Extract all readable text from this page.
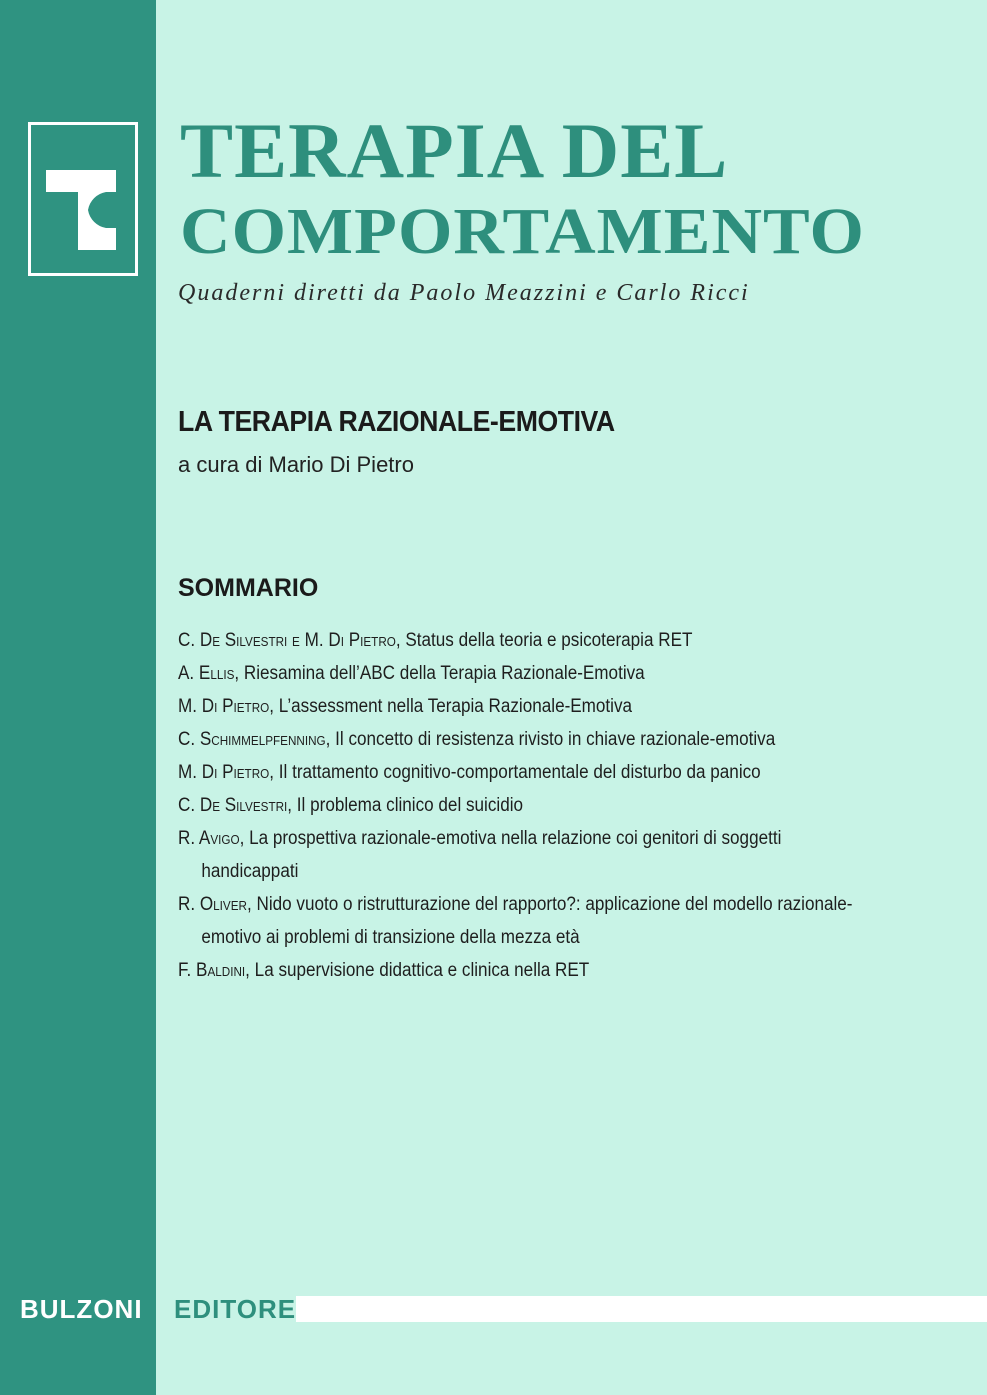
TERAPIA DEL
COMPORTAMENTO
Quaderni diretti da Paolo Meazzini e Carlo Ricci
LA TERAPIA RAZIONALE-EMOTIVA
a cura di Mario Di Pietro
SOMMARIO
C. De Silvestri e M. Di Pietro, Status della teoria e psicoterapia RET
A. Ellis, Riesamina dell’ABC della Terapia Razionale-Emotiva
M. Di Pietro, L’assessment nella Terapia Razionale-Emotiva
C. Schimmelpfenning, Il concetto di resistenza rivisto in chiave razionale-emotiva
M. Di Pietro, Il trattamento cognitivo-comportamentale del disturbo da panico
C. De Silvestri, Il problema clinico del suicidio
R. Avigo, La prospettiva razionale-emotiva nella relazione coi genitori di soggetti
handicappati
R. Oliver, Nido vuoto o ristrutturazione del rapporto?: applicazione del modello razionale-
emotivo ai problemi di transizione della mezza età
F. Baldini, La supervisione didattica e clinica nella RET
BULZONI EDITORE
